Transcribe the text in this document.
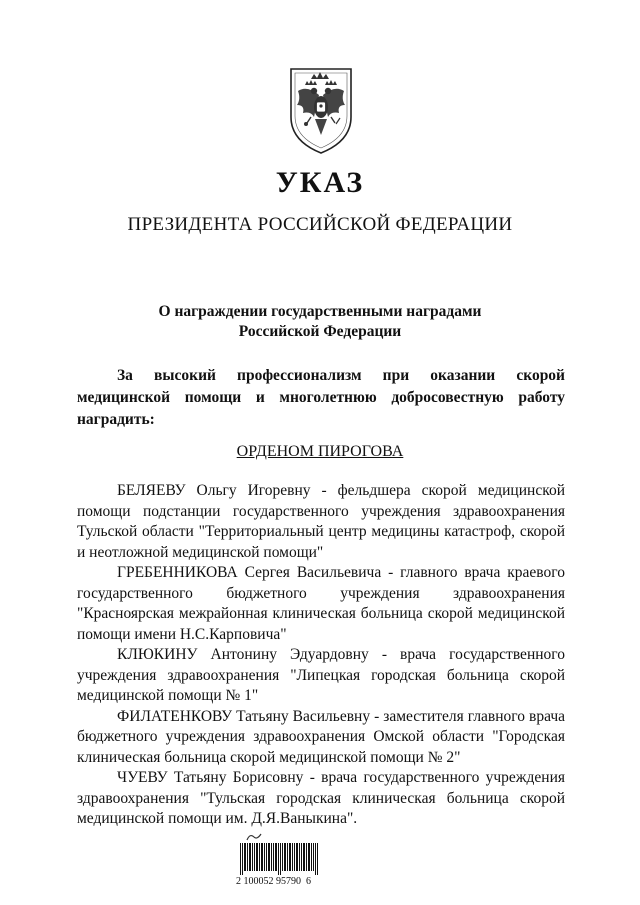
УКАЗ
ПРЕЗИДЕНТА РОССИЙСКОЙ ФЕДЕРАЦИИ
О награждении государственными наградами
Российской Федерации
За высокий профессионализм при оказании скорой медицинской помощи и многолетнюю добросовестную работу наградить:
ОРДЕНОМ ПИРОГОВА

БЕЛЯЕВУ Ольгу Игоревну - фельдшера скорой медицинской помощи подстанции государственного учреждения здравоохранения Тульской области "Территориальный центр медицины катастроф, скорой и неотложной медицинской помощи"

ГРЕБЕННИКОВА Сергея Васильевича - главного врача краевого государственного бюджетного учреждения здравоохранения "Красноярская межрайонная клиническая больница скорой медицинской помощи имени Н.С.Карповича"

КЛЮКИНУ Антонину Эдуардовну - врача государственного учреждения здравоохранения "Липецкая городская больница скорой медицинской помощи № 1"

ФИЛАТЕНКОВУ Татьяну Васильевну - заместителя главного врача бюджетного учреждения здравоохранения Омской области "Городская клиническая больница скорой медицинской помощи № 2"

ЧУЕВУ Татьяну Борисовну - врача государственного учреждения здравоохранения "Тульская городская клиническая больница скорой медицинской помощи им. Д.Я.Ваныкина".

2 100052 95790  6
